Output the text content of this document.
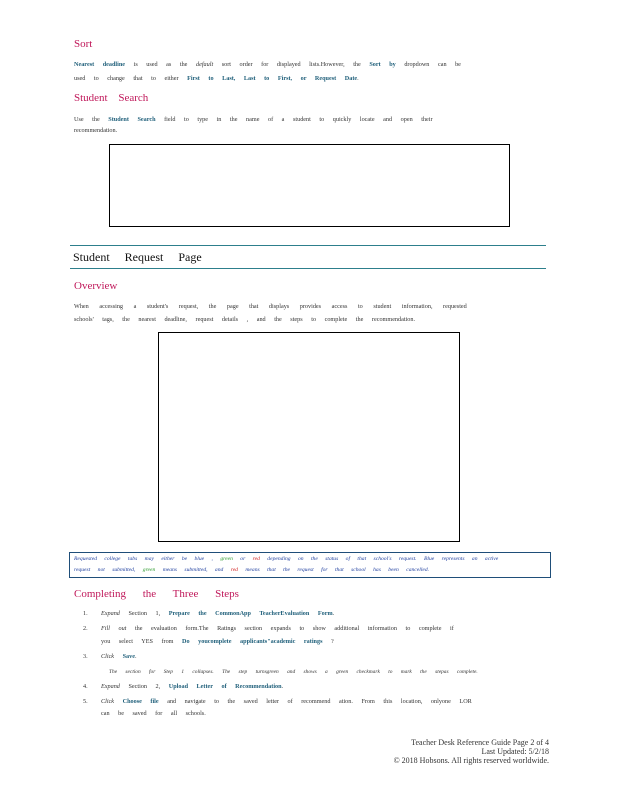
Sort
Nearest deadline is used as the default sort order for displayed lists.However, the Sort by dropdown can be
used to change that to either First to Last, Last to First, or Request Date.
Student Search
Use the Student Search field to type in the name of a student to quickly locate and open their
recommendation.
Student Request Page
Overview
When accessing a student's request, the page that displays provides access to student information, requested
schools' tags, the nearest deadline, request details , and the steps to complete the recommendation.
Requested college tabs may either be blue , green or red depending on the status of that school's request. Blue represents an active
request not submitted, green means submitted, and red means that the request for that school has been cancelled.
Completing the Three Steps
1. Expand Section 1, Prepare the CommonApp TeacherEvaluation Form.
2. Fill out the evaluation form.The Ratings section expands to show additional information to complete if
you select YES from Do youcomplete applicants"academic ratings ?
3. Click Save.
The section for Step 1 collapses. The step turnsgreen and shows a green checkmark to mark the stepas complete.
4. Expand Section 2, Upload Letter of Recommendation.
5. Click Choose file and navigate to the saved letter of recommend ation. From this location, onlyone LOR
can be saved for all schools.
Teacher Desk Reference Guide Page 2 of 4
Last Updated: 5/2/18
© 2018 Hobsons. All rights reserved worldwide.
